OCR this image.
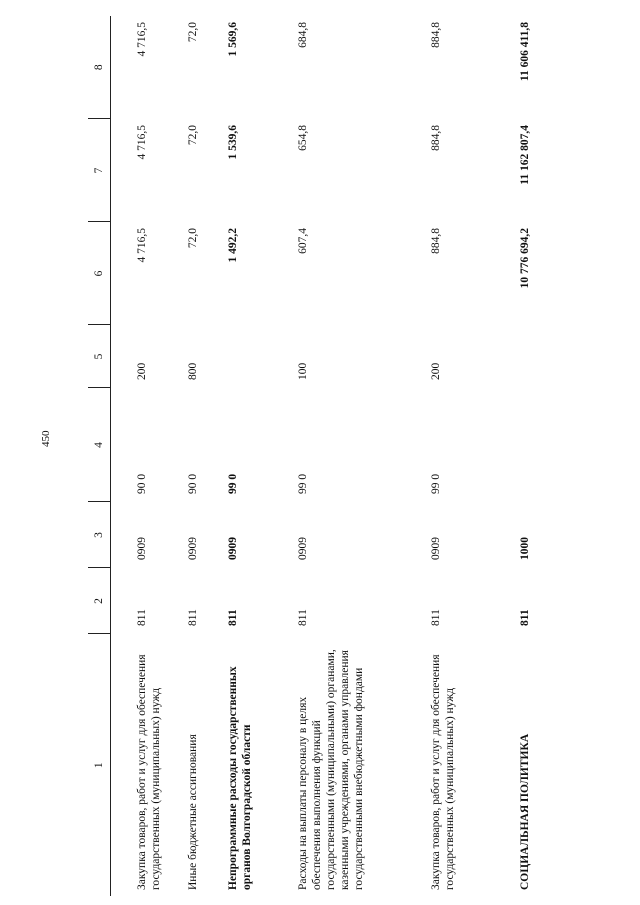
450
1	2	3	4	5	6	7	8
Закупка товаров, работ и услуг для обеспечения государственных (муниципальных) нужд	811	0909	90 0	200	4 716,5	4 716,5	4 716,5
Иные бюджетные ассигнования	811	0909	90 0	800	72,0	72,0	72,0
Непрограммные расходы государственных органов Волгоградской области	811	0909	99 0		1 492,2	1 539,6	1 569,6
Расходы на выплаты персоналу в целях обеспечения выполнения функций государственными (муниципальными) органами, казенными учреждениями, органами управления государственными внебюджетными фондами	811	0909	99 0	100	607,4	654,8	684,8
Закупка товаров, работ и услуг для обеспечения государственных (муниципальных) нужд	811	0909	99 0	200	884,8	884,8	884,8
СОЦИАЛЬНАЯ ПОЛИТИКА	811	1000			10 776 694,2	11 162 807,4	11 606 411,8
